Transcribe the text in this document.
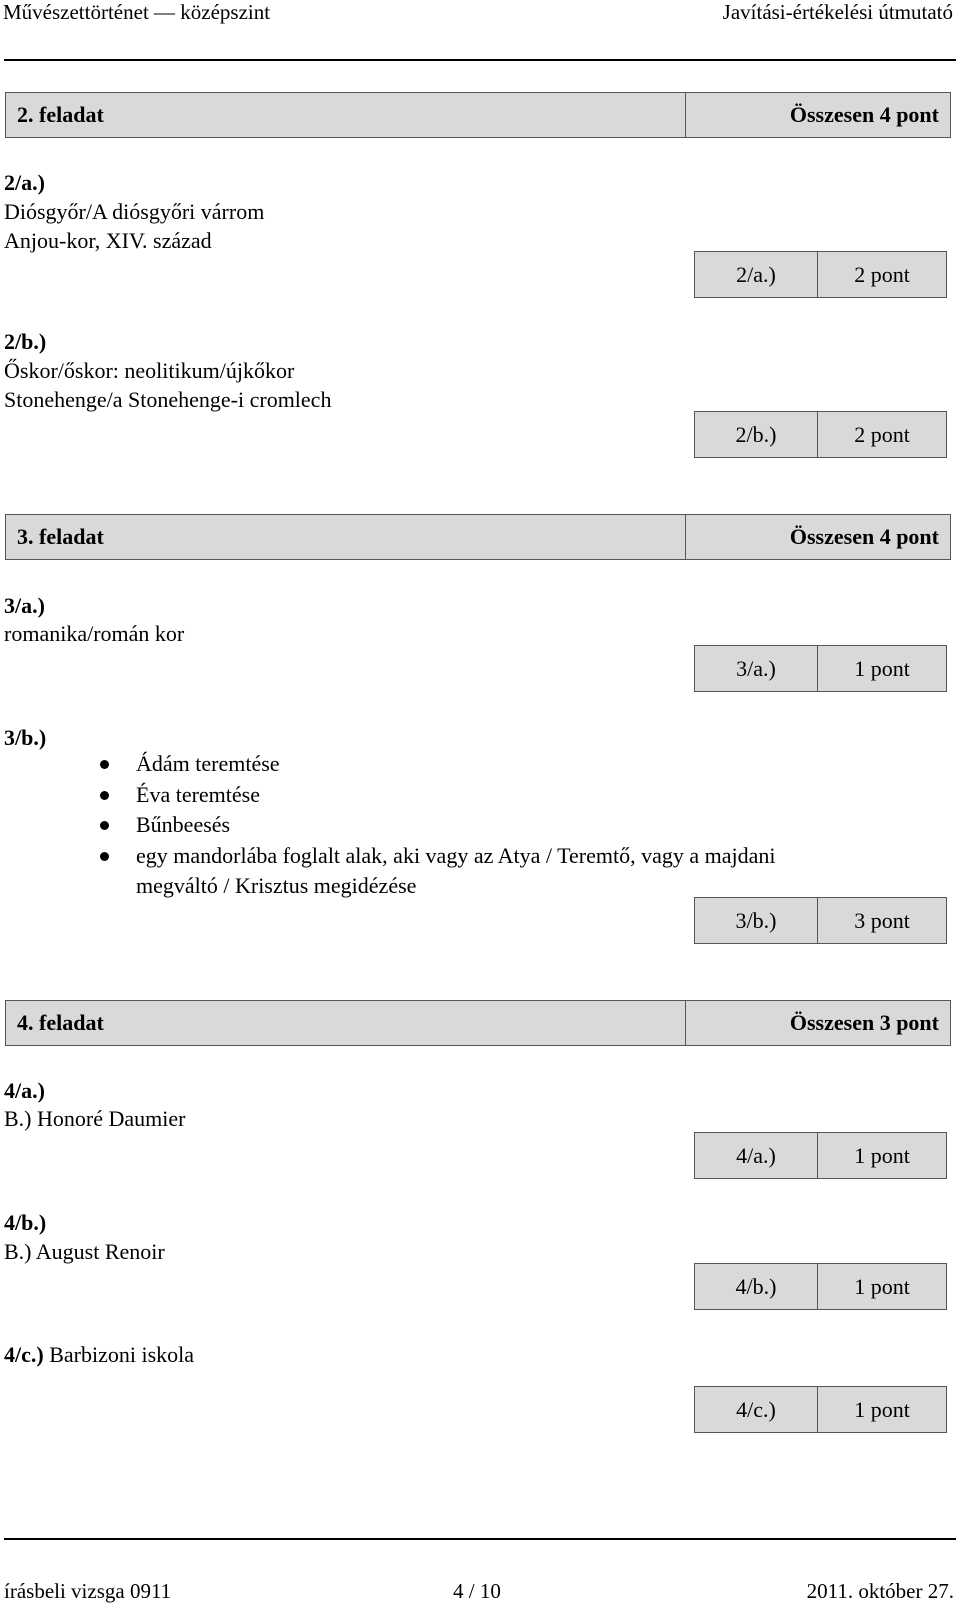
Művészettörténet — középszint	Javítási-értékelési útmutató
2. feladat	Összesen 4 pont
2/a.)
Diósgyőr/A diósgyőri várrom
Anjou-kor, XIV. század
2/a.)	2 pont
2/b.)
Őskor/őskor: neolitikum/újkőkor
Stonehenge/a Stonehenge-i cromlech
2/b.)	2 pont
3. feladat	Összesen 4 pont
3/a.)
romanika/román kor
3/a.)	1 pont
3/b.)
Ádám teremtése
Éva teremtése
Bűnbeesés
egy mandorlába foglalt alak, aki vagy az Atya / Teremtő, vagy a majdani
megváltó / Krisztus megidézése
3/b.)	3 pont
4. feladat	Összesen 3 pont
4/a.)
B.) Honoré Daumier
4/a.)	1 pont
4/b.)
B.) August Renoir
4/b.)	1 pont
4/c.) Barbizoni iskola
4/c.)	1 pont
írásbeli vizsga 0911	4 / 10	2011. október 27.
